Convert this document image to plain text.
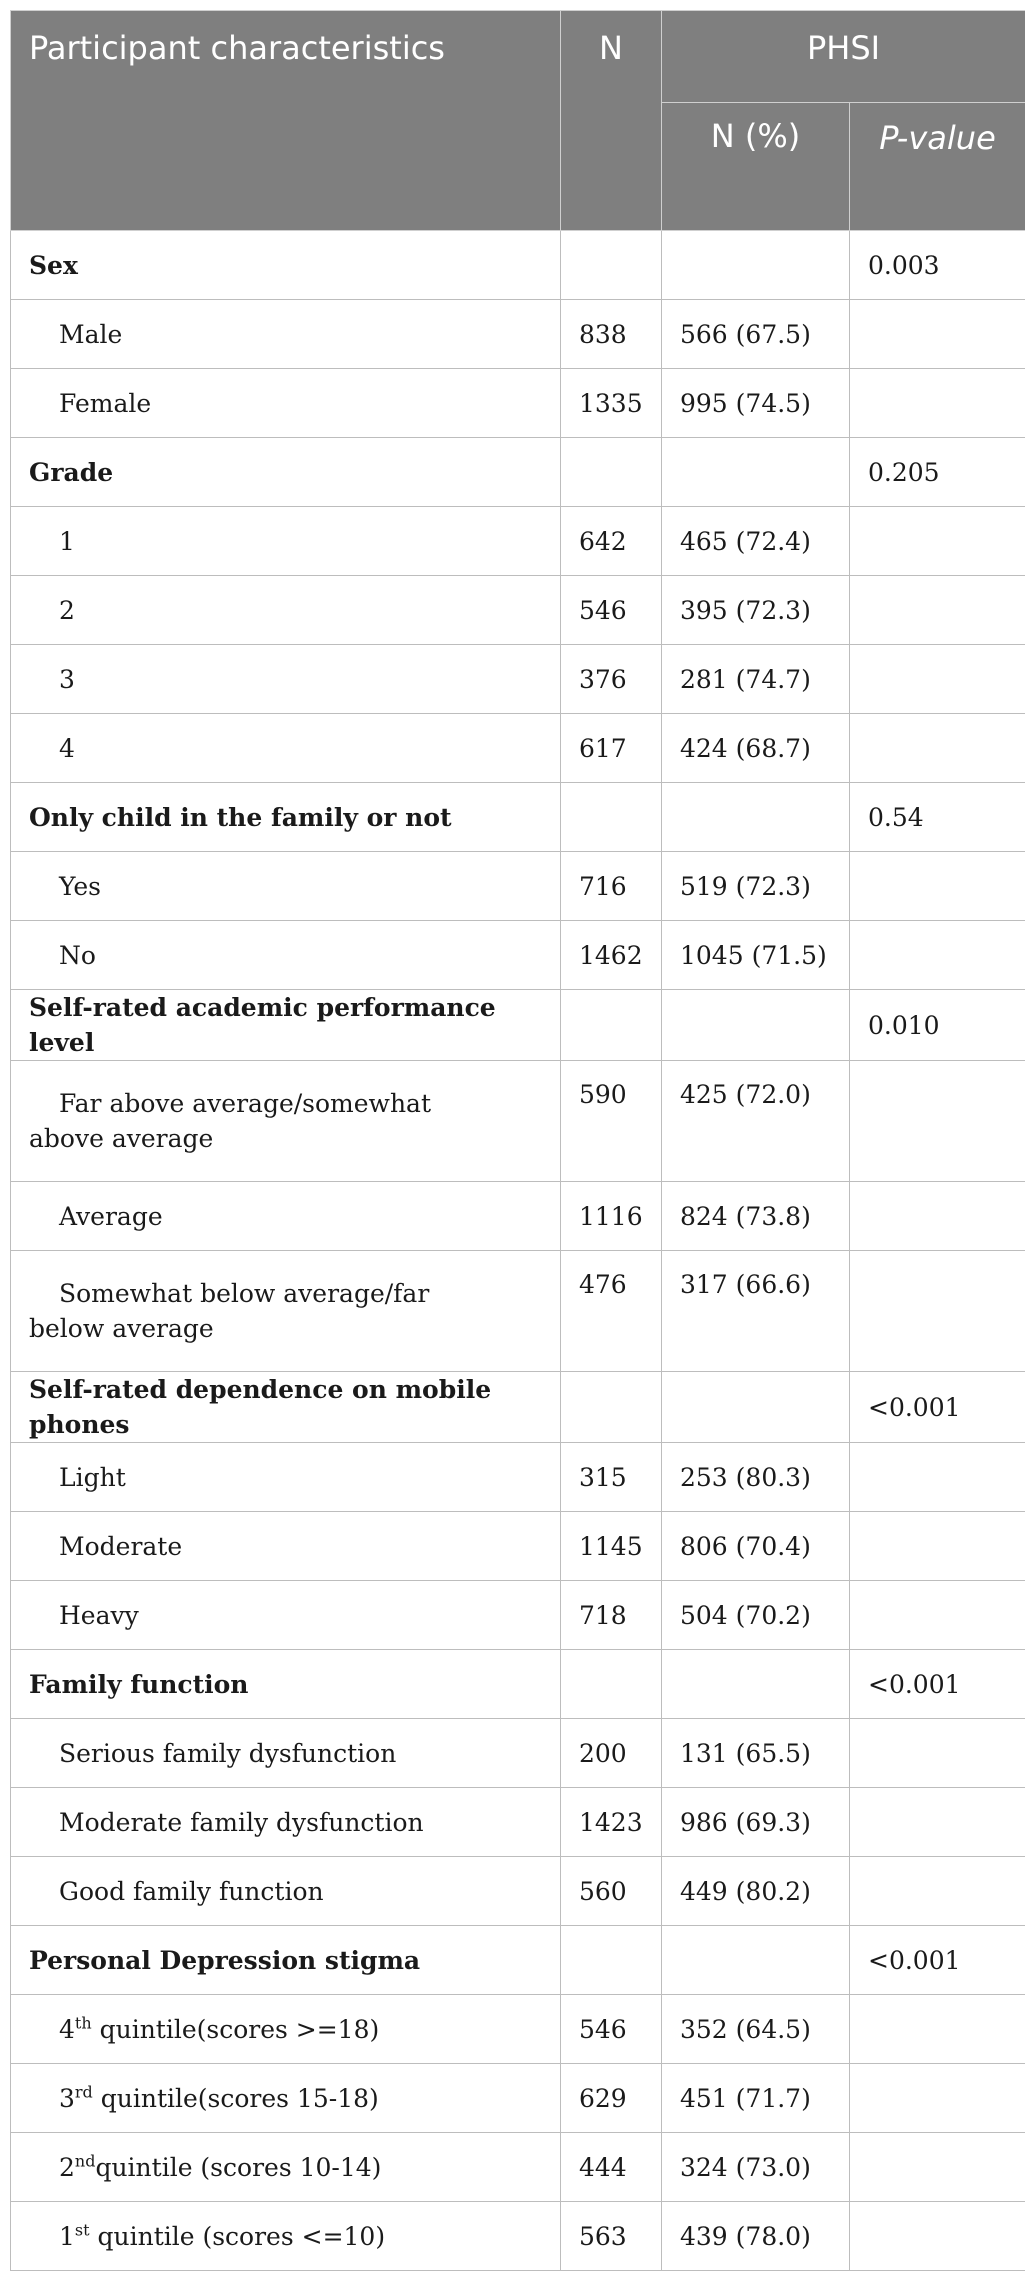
Participant characteristics	N	PHSI	
		N (%)	P-value
Sex			0.003
Male	838	566 (67.5)	
Female	1335	995 (74.5)	
Grade			0.205
1	642	465 (72.4)	
2	546	395 (72.3)	
3	376	281 (74.7)	
4	617	424 (68.7)	
Only child in the family or not			0.54
Yes	716	519 (72.3)	
No	1462	1045 (71.5)	
Self-rated academic performance level			0.010
Far above average/somewhat
above average	590	425 (72.0)	
Average	1116	824 (73.8)	
Somewhat below average/far
below average	476	317 (66.6)	
Self-rated dependence on mobile phones			<0.001
Light	315	253 (80.3)	
Moderate	1145	806 (70.4)	
Heavy	718	504 (70.2)	
Family function			<0.001
Serious family dysfunction	200	131 (65.5)	
Moderate family dysfunction	1423	986 (69.3)	
Good family function	560	449 (80.2)	
Personal Depression stigma			<0.001
4th quintile(scores >=18)	546	352 (64.5)	
3rd quintile(scores 15-18)	629	451 (71.7)	
2ndquintile (scores 10-14)	444	324 (73.0)	
1st quintile (scores <=10)	563	439 (78.0)	
